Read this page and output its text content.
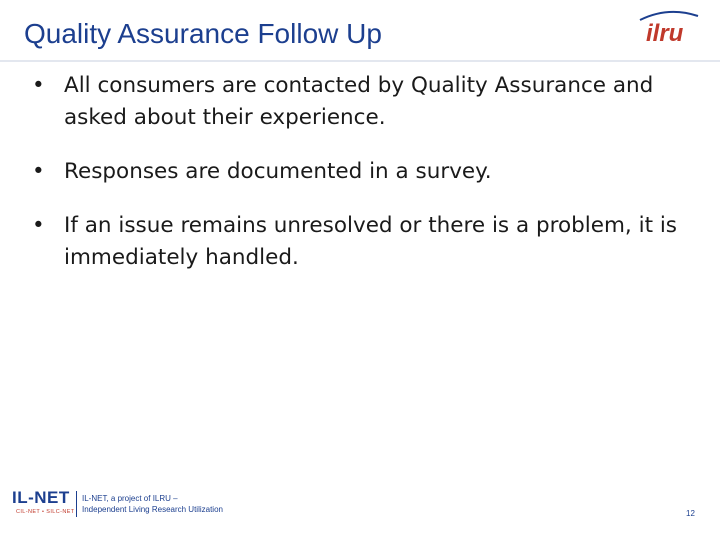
Quality Assurance Follow Up	ilru
• All consumers are contacted by Quality Assurance and asked about their experience.
• Responses are documented in a survey.
• If an issue remains unresolved or there is a problem, it is immediately handled.
IL-NET
CIL-NET • SILC-NET
IL-NET, a project of ILRU –
Independent Living Research Utilization	12
